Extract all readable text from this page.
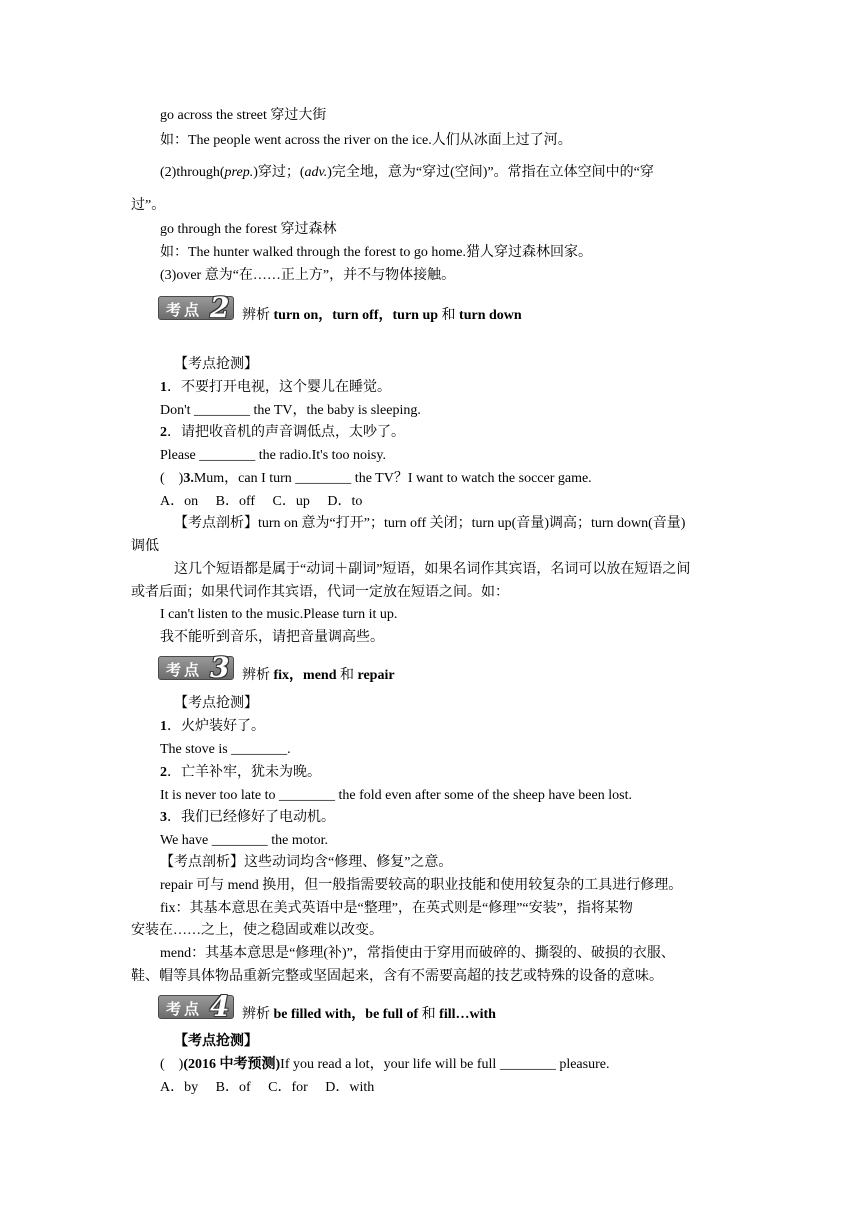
go across the street 穿过大街
如：The people went across the river on the ice.人们从冰面上过了河。
(2)through(prep.)穿过；(adv.)完全地，意为“穿过(空间)”。常指在立体空间中的“穿
过”。
go through the forest 穿过森林
如：The hunter walked through the forest to go home.猎人穿过森林回家。
(3)over 意为“在……正上方”，并不与物体接触。
考点 2 辨析 turn on，turn off，turn up 和 turn down
【考点抢测】
1．不要打开电视，这个婴儿在睡觉。
Don't ________ the TV，the baby is sleeping.
2．请把收音机的声音调低点，太吵了。
Please ________ the radio.It's too noisy.
(　)3.Mum，can I turn ________ the TV？I want to watch the soccer game.
A．on　 B．off　 C．up　 D．to
【考点剖析】turn on 意为“打开”；turn off 关闭；turn up(音量)调高；turn down(音量)
调低
这几个短语都是属于“动词＋副词”短语，如果名词作其宾语，名词可以放在短语之间
或者后面；如果代词作其宾语，代词一定放在短语之间。如：
I can't listen to the music.Please turn it up.
我不能听到音乐，请把音量调高些。
考点 3 辨析 fix，mend 和 repair
【考点抢测】
1．火炉装好了。
The stove is ________.
2．亡羊补牢，犹未为晚。
It is never too late to ________ the fold even after some of the sheep have been lost.
3．我们已经修好了电动机。
We have ________ the motor.
【考点剖析】这些动词均含“修理、修复”之意。
repair 可与 mend 换用，但一般指需要较高的职业技能和使用较复杂的工具进行修理。
fix：其基本意思在美式英语中是“整理”，在英式则是“修理”“安装”，指将某物
安装在……之上，使之稳固或难以改变。
mend：其基本意思是“修理(补)”，常指使由于穿用而破碎的、撕裂的、破损的衣服、
鞋、帽等具体物品重新完整或坚固起来，含有不需要高超的技艺或特殊的设备的意味。
考点 4 辨析 be filled with，be full of 和 fill…with
【考点抢测】
(　)(2016 中考预测)If you read a lot，your life will be full ________ pleasure.
A．by　 B．of　 C．for　 D．with
